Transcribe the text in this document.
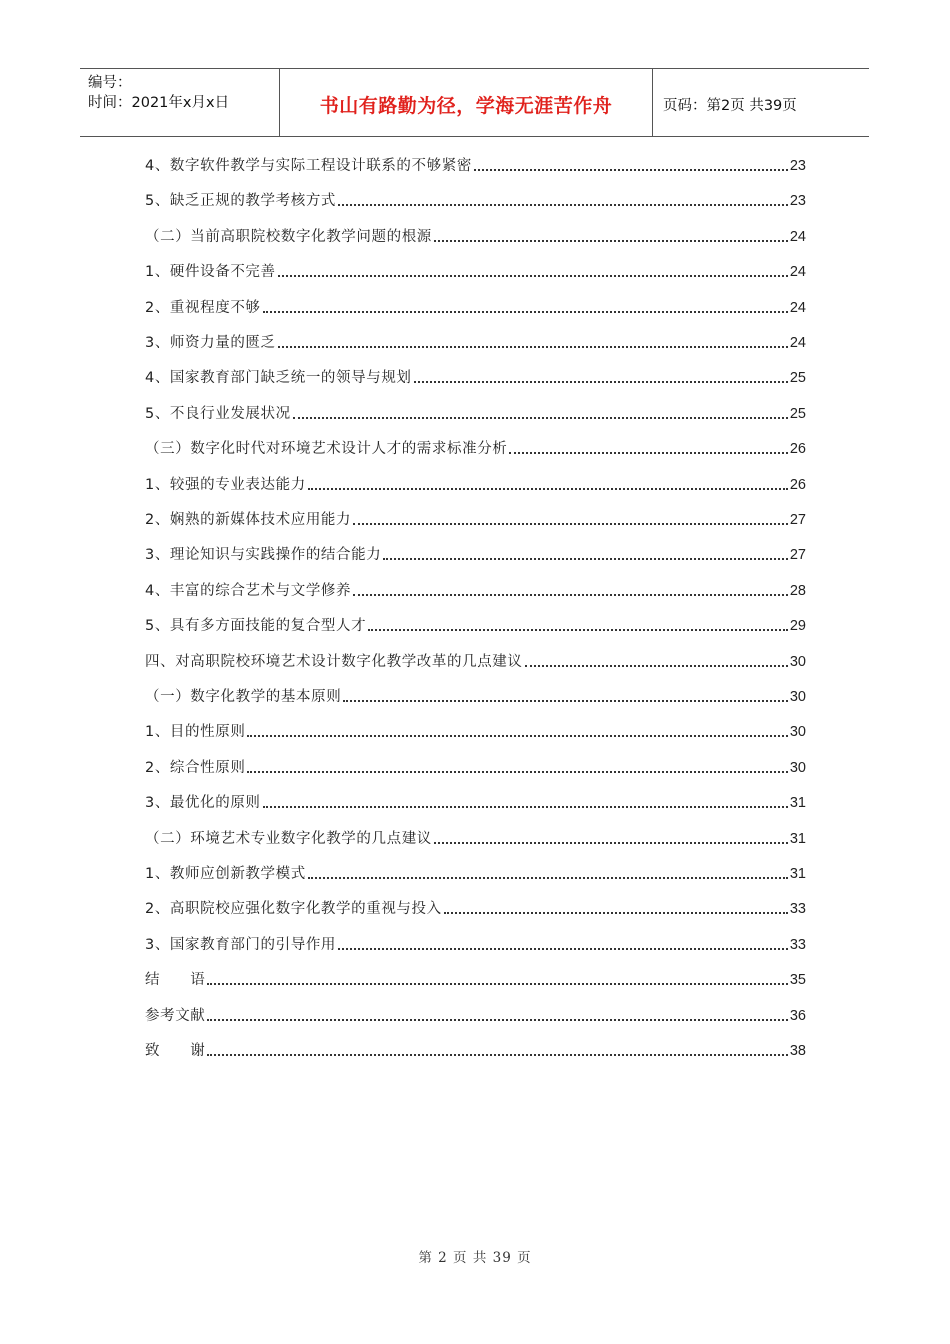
编号：
时间：2021年x月x日	书山有路勤为径，学海无涯苦作舟	页码：第2页 共39页
4、数字软件教学与实际工程设计联系的不够紧密	23
5、缺乏正规的教学考核方式	23
（二）当前高职院校数字化教学问题的根源	24
1、硬件设备不完善	24
2、重视程度不够	24
3、师资力量的匮乏	24
4、国家教育部门缺乏统一的领导与规划	25
5、不良行业发展状况	25
（三）数字化时代对环境艺术设计人才的需求标准分析	26
1、较强的专业表达能力	26
2、娴熟的新媒体技术应用能力	27
3、理论知识与实践操作的结合能力	27
4、丰富的综合艺术与文学修养	28
5、具有多方面技能的复合型人才	29
四、对高职院校环境艺术设计数字化教学改革的几点建议	30
（一）数字化教学的基本原则	30
1、目的性原则	30
2、综合性原则	30
3、最优化的原则	31
（二）环境艺术专业数字化教学的几点建议	31
1、教师应创新教学模式	31
2、高职院校应强化数字化教学的重视与投入	33
3、国家教育部门的引导作用	33
结　　语	35
参考文献	36
致　　谢	38
第 2 页 共 39 页
